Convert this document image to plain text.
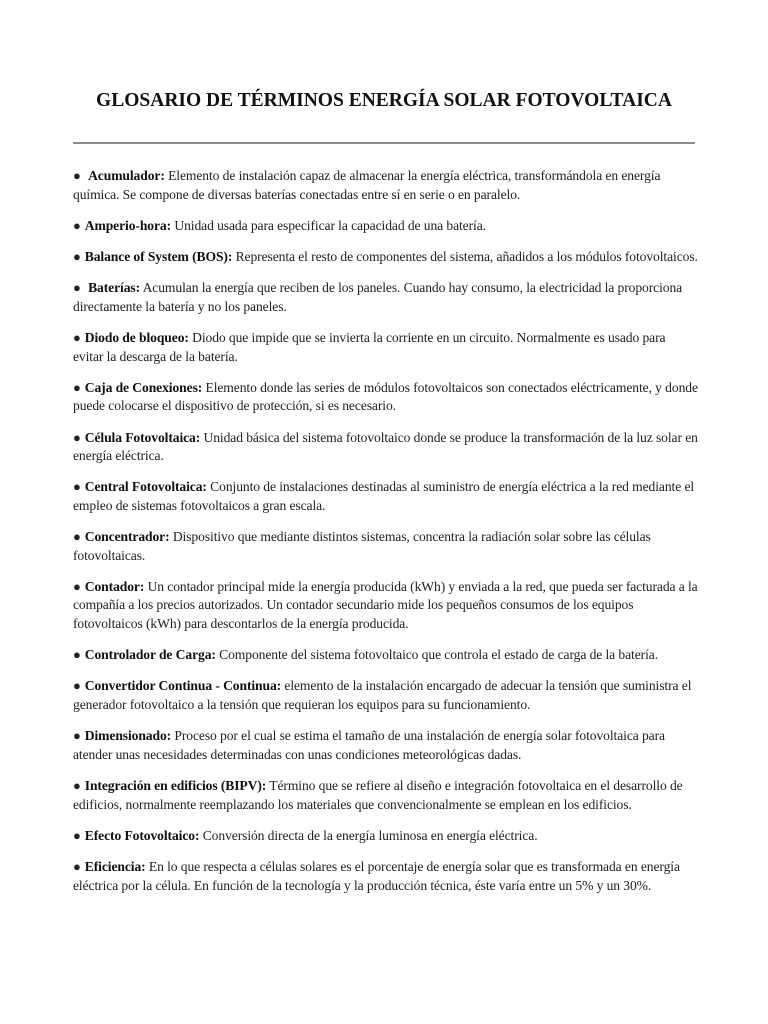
GLOSARIO DE TÉRMINOS ENERGÍA SOLAR FOTOVOLTAICA

● Acumulador: Elemento de instalación capaz de almacenar la energía eléctrica, transformándola en energía química. Se compone de diversas baterías conectadas entre sí en serie o en paralelo.

● Amperio-hora: Unidad usada para especificar la capacidad de una batería.

● Balance of System (BOS): Representa el resto de componentes del sistema, añadidos a los módulos fotovoltaicos.

● Baterías: Acumulan la energía que reciben de los paneles. Cuando hay consumo, la electricidad la proporciona directamente la batería y no los paneles.

● Diodo de bloqueo: Diodo que impide que se invierta la corriente en un circuito. Normalmente es usado para evitar la descarga de la batería.

● Caja de Conexiones: Elemento donde las series de módulos fotovoltaicos son conectados eléctricamente, y donde puede colocarse el dispositivo de protección, si es necesario.

● Célula Fotovoltaica: Unidad básica del sistema fotovoltaico donde se produce la transformación de la luz solar en energía eléctrica.

● Central Fotovoltaica: Conjunto de instalaciones destinadas al suministro de energía eléctrica a la red mediante el empleo de sistemas fotovoltaicos a gran escala.

● Concentrador: Dispositivo que mediante distintos sistemas, concentra la radiación solar sobre las células fotovoltaicas.

● Contador: Un contador principal mide la energía producida (kWh) y enviada a la red, que pueda ser facturada a la compañía a los precios autorizados. Un contador secundario mide los pequeños consumos de los equipos fotovoltaicos (kWh) para descontarlos de la energía producida.

● Controlador de Carga: Componente del sistema fotovoltaico que controla el estado de carga de la batería.

● Convertidor Continua - Continua: elemento de la instalación encargado de adecuar la tensión que suministra el generador fotovoltaico a la tensión que requieran los equipos para su funcionamiento.

● Dimensionado: Proceso por el cual se estima el tamaño de una instalación de energía solar fotovoltaica para atender unas necesidades determinadas con unas condiciones meteorológicas dadas.

● Integración en edificios (BIPV): Término que se refiere al diseño e integración fotovoltaica en el desarrollo de edificios, normalmente reemplazando los materiales que convencionalmente se emplean en los edificios.

● Efecto Fotovoltaico: Conversión directa de la energía luminosa en energía eléctrica.

● Eficiencia: En lo que respecta a células solares es el porcentaje de energía solar que es transformada en energía eléctrica por la célula. En función de la tecnología y la producción técnica, éste varía entre un 5% y un 30%.
